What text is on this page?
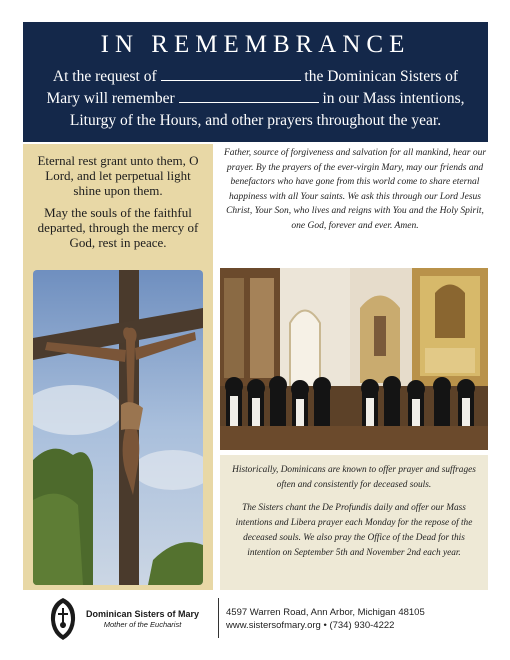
IN REMEMBRANCE
At the request of	the Dominican Sisters of
Mary will remember	in our Mass intentions,
Liturgy of the Hours, and other prayers throughout the year.

Eternal rest grant unto them, O Lord, and let perpetual light shine upon them.

May the souls of the faithful departed, through the mercy of God, rest in peace.

Father, source of forgiveness and salvation for all mankind, hear our prayer. By the prayers of the ever-virgin Mary, may our friends and benefactors who have gone from this world come to share eternal happiness with all Your saints. We ask this through our Lord Jesus Christ, Your Son, who lives and reigns with You and the Holy Spirit, one God, forever and ever. Amen.

Historically, Dominicans are known to offer prayer and suffrages often and consistently for deceased souls.

The Sisters chant the De Profundis daily and offer our Mass intentions and Libera prayer each Monday for the repose of the deceased souls. We also pray the Office of the Dead for this intention on September 5th and November 2nd each year.

Dominican Sisters of Mary
Mother of the Eucharist
4597 Warren Road, Ann Arbor, Michigan 48105
www.sistersofmary.org • (734) 930-4222
